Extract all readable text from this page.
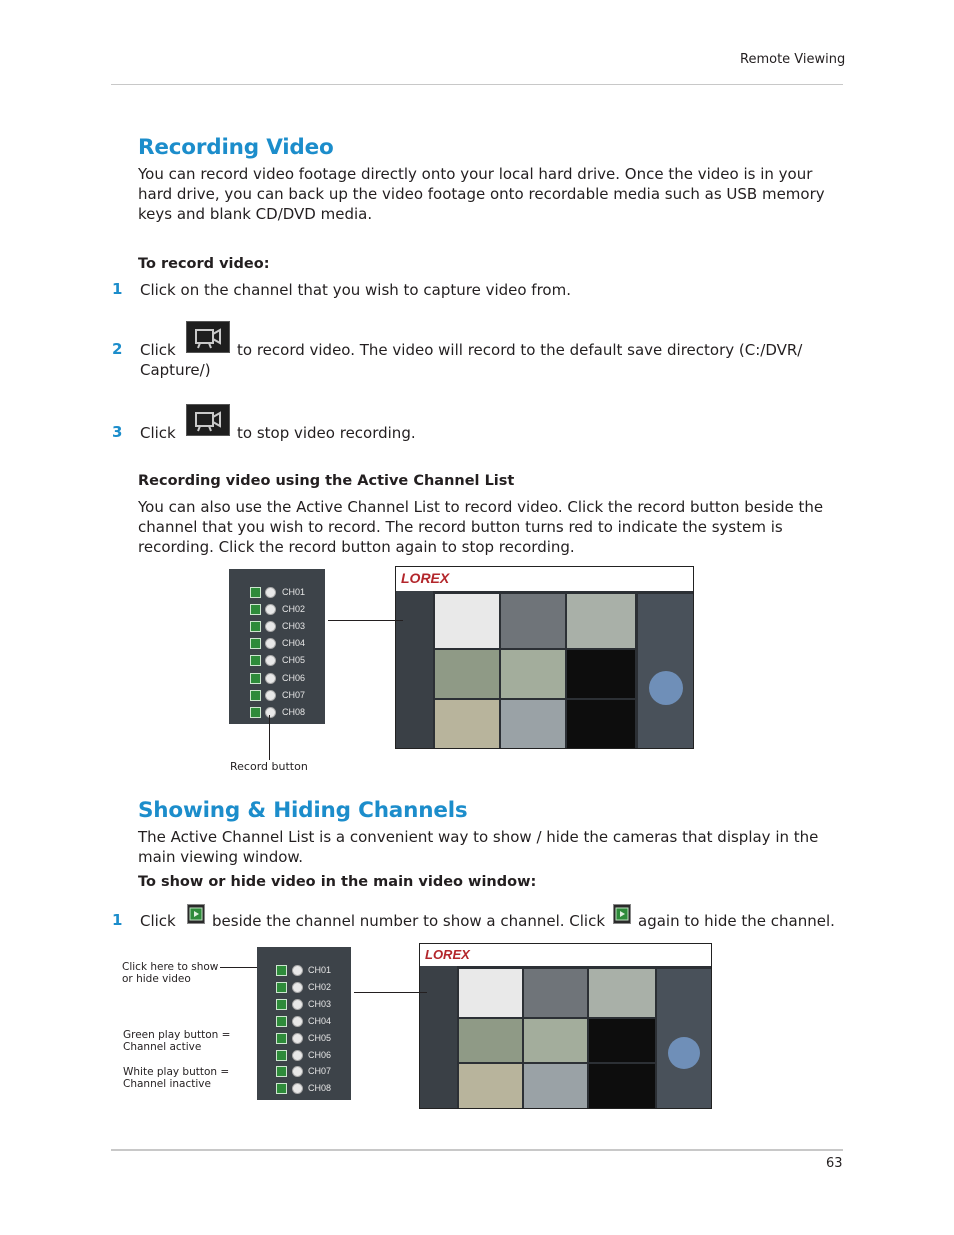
Remote Viewing
Recording Video
You can record video footage directly onto your local hard drive. Once the video is in your hard drive, you can back up the video footage onto recordable media such as USB memory keys and blank CD/DVD media.
To record video:
1 Click on the channel that you wish to capture video from.
2 Click	to record video. The video will record to the default save directory (C:/DVR/
Capture/)
3 Click	to stop video recording.
Recording video using the Active Channel List
You can also use the Active Channel List to record video. Click the record button beside the channel that you wish to record. The record button turns red to indicate the system is recording. Click the record button again to stop recording.
CH01
CH02
CH03
CH04
CH05
CH06
CH07
CH08
LOREX
Record button
Showing & Hiding Channels
The Active Channel List is a convenient way to show / hide the cameras that display in the main viewing window.
To show or hide video in the main video window:
1 Click beside the channel number to show a channel. Click again to hide the channel.
Click here to show or hide video
Green play button = Channel active
White play button = Channel inactive
CH01
CH02
CH03
CH04
CH05
CH06
CH07
CH08
LOREX
63
